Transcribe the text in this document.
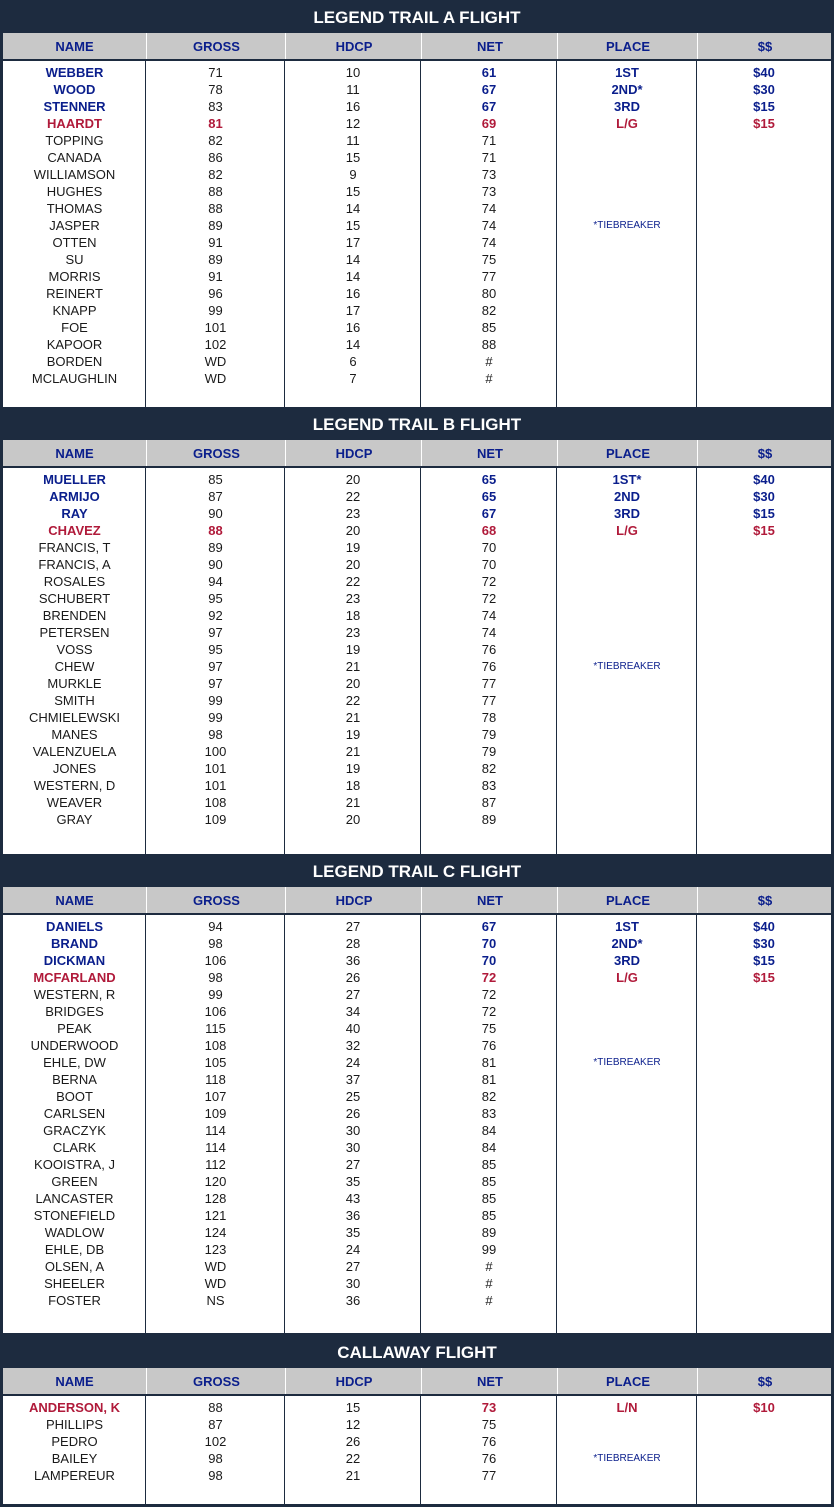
LEGEND TRAIL A FLIGHT
NAME	GROSS	HDCP	NET	PLACE	$$
WEBBER	71	10	61	1ST	$40
WOOD	78	11	67	2ND*	$30
STENNER	83	16	67	3RD	$15
HAARDT	81	12	69	L/G	$15
TOPPING	82	11	71
CANADA	86	15	71
WILLIAMSON	82	9	73
HUGHES	88	15	73
THOMAS	88	14	74
JASPER	89	15	74
OTTEN	91	17	74
SU	89	14	75
MORRIS	91	14	77
REINERT	96	16	80
KNAPP	99	17	82
FOE	101	16	85
KAPOOR	102	14	88
BORDEN	WD	6	#
MCLAUGHLIN	WD	7	#
*TIEBREAKER
LEGEND TRAIL B FLIGHT
NAME	GROSS	HDCP	NET	PLACE	$$
MUELLER	85	20	65	1ST*	$40
ARMIJO	87	22	65	2ND	$30
RAY	90	23	67	3RD	$15
CHAVEZ	88	20	68	L/G	$15
FRANCIS, T	89	19	70
FRANCIS, A	90	20	70
ROSALES	94	22	72
SCHUBERT	95	23	72
BRENDEN	92	18	74
PETERSEN	97	23	74
VOSS	95	19	76
CHEW	97	21	76
MURKLE	97	20	77
SMITH	99	22	77
CHMIELEWSKI	99	21	78
MANES	98	19	79
VALENZUELA	100	21	79
JONES	101	19	82
WESTERN, D	101	18	83
WEAVER	108	21	87
GRAY	109	20	89
*TIEBREAKER
LEGEND TRAIL C FLIGHT
NAME	GROSS	HDCP	NET	PLACE	$$
DANIELS	94	27	67	1ST	$40
BRAND	98	28	70	2ND*	$30
DICKMAN	106	36	70	3RD	$15
MCFARLAND	98	26	72	L/G	$15
WESTERN, R	99	27	72
BRIDGES	106	34	72
PEAK	115	40	75
UNDERWOOD	108	32	76
EHLE, DW	105	24	81
BERNA	118	37	81
BOOT	107	25	82
CARLSEN	109	26	83
GRACZYK	114	30	84
CLARK	114	30	84
KOOISTRA, J	112	27	85
GREEN	120	35	85
LANCASTER	128	43	85
STONEFIELD	121	36	85
WADLOW	124	35	89
EHLE, DB	123	24	99
OLSEN, A	WD	27	#
SHEELER	WD	30	#
FOSTER	NS	36	#
*TIEBREAKER
CALLAWAY FLIGHT
NAME	GROSS	HDCP	NET	PLACE	$$
ANDERSON, K	88	15	73	L/N	$10
PHILLIPS	87	12	75
PEDRO	102	26	76
BAILEY	98	22	76
LAMPEREUR	98	21	77
*TIEBREAKER
